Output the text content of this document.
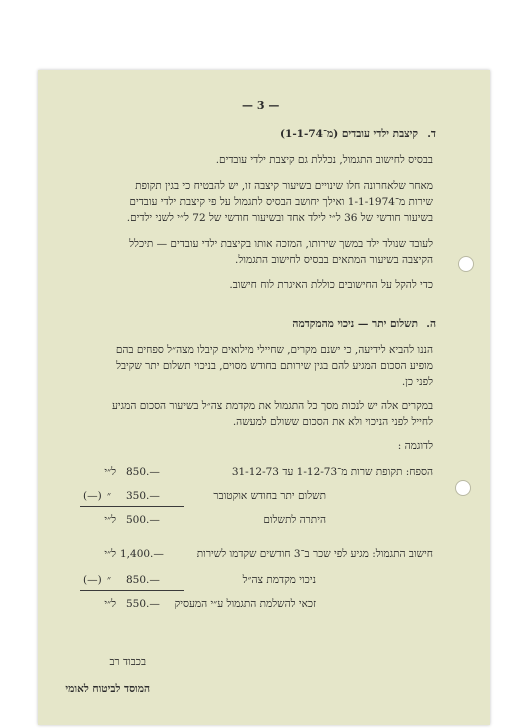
— 3 —
ד.
קיצבת ילדי עובדים (מ־1-1-74)
בבסיס לחישוב התגמול, נכללת גם קיצבת ילדי עובדים.
מאחר שלאחרונה חלו שינויים בשיעור קיצבה זו, יש להבטיח כי בגין תקופת
שירות מ־1-1-1974 ואילך יחושב הבסיס לתגמול על פי קיצבת ילדי עובדים
בשיעור חודשי של 36 ל״י לילד אחד ובשיעור חודשי של 72 ל״י לשני ילדים.
לעובד שנולד ילד במשך שירותו, המזכה אותו בקיצבת ילדי עובדים — תיכלל
הקיצבה בשיעור המתאים בבסיס לחישוב התגמול.
כדי להקל על החישובים כוללת האיגרת לוח חישוב.
ה.
תשלום יתר — ניכוי מהמקדמה
הננו להביא לידיעה, כי ישנם מקרים, שחיילי מילואים קיבלו מצה״ל ספחים בהם
מופיע הסכום המגיע להם בגין שירותם בחודש מסוים, בניכוי תשלום יתר שקיבל
לפני כן.
במקרים אלה יש לנכות מסך כל התגמול את מקדמת צה״ל בשיעור הסכום המגיע
לחייל לפני הניכוי ולא את הסכום ששולם למעשה.
לדוגמה :
הספח: תקופת שרות מ־1-12-73 עד 31-12-73
ל״י 850.—
תשלום יתר בחודש אוקטובר
(—) ״ 350.—
היתרה לתשלום
ל״י 500.—
חישוב התגמול: מגיע לפי שכר ב־3 חודשים שקדמו לשירות
ל״י 1,400.—
ניכוי מקדמת צה״ל
(—) ״ 850.—
זכאי להשלמת התגמול ע״י המעסיק
ל״י 550.—
בכבוד רב
המוסד לביטוח לאומי
